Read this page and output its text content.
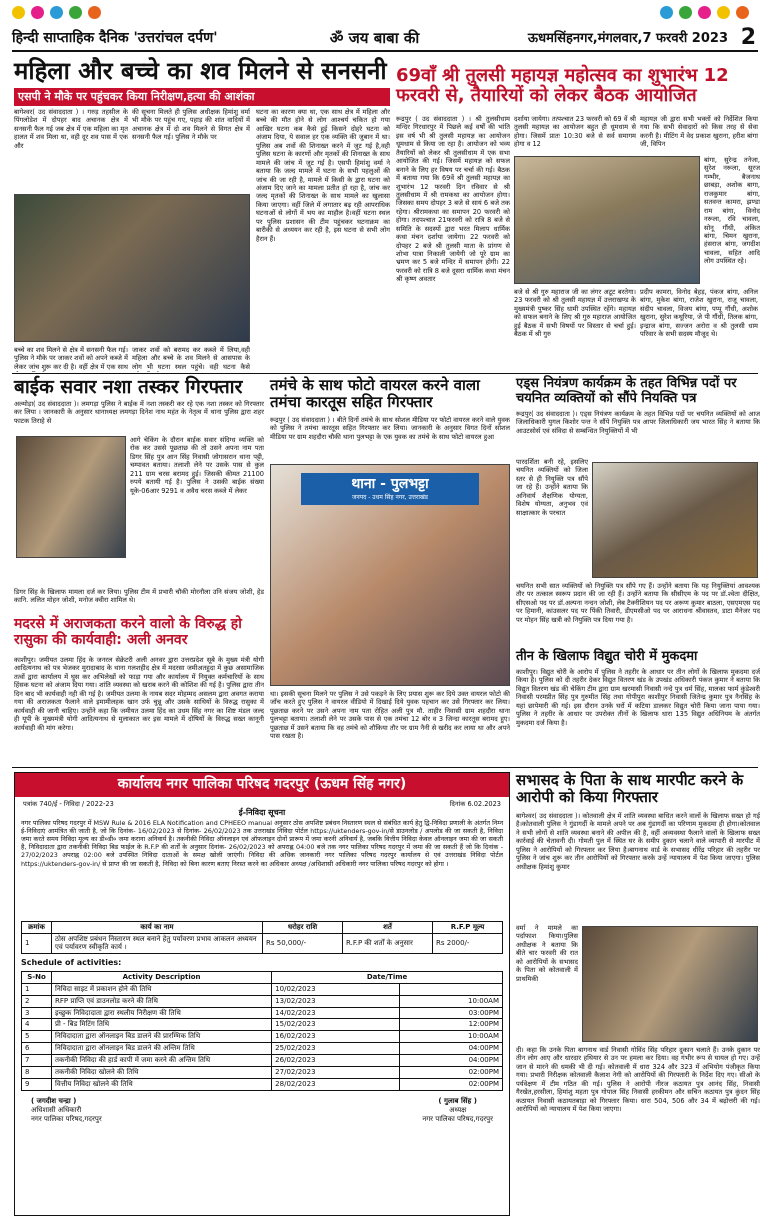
हिन्दी साप्ताहिक दैनिक 'उत्तरांचल दर्पण'	ॐ जय बाबा की	ऊधमसिंहनगर,मंगलवार,7 फरवरी 2023 2
महिला और बच्चे का शव मिलने से सनसनी
एसपी ने मौके पर पहुंचकर किया निरीक्षण,हत्या की आशंका
बागेश्वर( उद संवाददाता ) । गरुड़ तहसील के पिंगलोडेश में दोपहर बाद अचानक क्षेत्र में सनसनी फैल गई जब क्षेत्र में एक महिला का मृत हालत में शव मिला था, वही दूर शव पास में एक और
की सूचना मिलते ही पुलिस अधीक्षक हिमांशु वर्मा भी मौके पर पहुंच गए, पहाड़ की शांत वादियों में अचानक क्षेत्र में दो शव मिलने से विगत क्षेत्र में सनसनी फैल गई। पुलिस ने मौके पर
घटना का कारण क्या था, एक साथ क्षेत्र में महिला और बच्चे की मौत होने से लोग आश्चर्य चकित हो गया आखिर घटना कब कैसे हुई किसने दोहरे घटना को अंजाम दिया, ये सवाल हर एक व्यक्ति की जुबान में था। पुलिस अब शवों की शिनाख्त करने में जुट गई है,वही पुलिस घटना के कारणों और मृतकों की शिनाख्त के साथ मामले की जांच में जुट गई है। एसपी हिमांशु वर्मा ने बताया कि जल्द मामले में घटना के सभी पहलुओं की जांच की जा रही है, मामले में किसी के द्वारा घटना को अंजाम दिए जाने का मामला प्रतीत हो रहा है, जांच कर जल्द मृतकों की शिनाख्त के साथ मामले का खुलासा किया जाएगा। वहीं जिले में लगातार बढ़ रही आपराधिक घटनाओं से लोगों में भय का माहौल है।वहीं घटना स्थल पर पुलिस प्रशासन की टीम पहुंचकर घटनाक्रम का बारीकी से अध्ययन कर रही है, इस घटना से सभी लोग हैरान हैं।
बच्चे का शव मिलने से क्षेत्र में सनसनी फैल गई। पुलिस ने मौके पर जाकर शवों को अपने कब्जे में लेकर जांच शुरू कर दी है। वहीं क्षेत्र में एक साथ
जाकर शवों को बरामद कर कब्जे में लिया,वही महिला और बच्चे के शव मिलने से आसपास के लोग भी घटना स्थल पहुंचे। वही घटना कैसे
69वाँ श्री तुलसी महायज्ञ महोत्सव का शुभारंभ 12 फरवरी से, तैयारियों को लेकर बैठक आयोजित
रूद्रपुर ( उद संवाददाता ) । श्री तुलसीधाम मन्दिर गिरधारपुर में पिछले कई वर्षों की भांति इस वर्ष भी श्री तुलसी महायज्ञ का आयोजन धूमधाम से किया जा रहा है। आयोजन को भव्य तैयारियों को लेकर श्री तुलसीधाम में एक सभा आयोजित की गई। जिसमें महायज्ञ को सफल बनाने के लिए हर विषय पर चर्चा की गई। बैठक में बताया गया कि 69वें श्री तुलसी महायज्ञ का शुभारंभ 12 फरवरी दिन रविवार से श्री तुलसीधाम में श्री रामकथा का आयोजन होगा। जिसका समय दोपहर 3 बजे से सायं 6 बजे तक रहेगा। श्रीरामकथा का समापन 20 फरवरी को होगा। तदपश्चात 21फरवरी को रात्रि 8 बजे से समिति के सदस्यों द्वारा भरत मिलाप धार्मिक कथा मंचन दर्शाया जायेगा। 22 फरवरी को दोपहर 2 बजे श्री तुलसी माता के प्रांगण से शोभा यात्रा निकाली जायेगी जो पूरे ग्राम का भ्रमण कर 5 बजे मन्दिर में समापन होगी। 22 फरवरी को रात्रि 8 बजे दूसरा धार्मिक कथा मंचन श्री कृष्ण अवतार
दर्शाया जायेगा। तत्पश्चात 23 फरवरी को 69 वें श्री तुलसी महायज्ञ का आयोजन बहुत ही धूमधाम से होगा। जिसमें प्रातः 10:30 बजे से सर्व समागम होगा व 12
महायज्ञ जी द्वारा सभी भक्तों को निर्देशित किया गया कि सभी सेवादारों को किस तरह से सेवा करनी है। मीटिंग में वेद प्रकाश खुराना, हरीश बांगा जी, विपिन
बांगा, सुरेन्द्र तनेजा, सुरेश नरूला, सूरज गम्भीर, बैजनाथ छाबड़ा, अशोक बागा, राजकुमार बांगा, सतवन्त कामरा, झण्डा राम बांगा, विनोद नरूला, रवि चावला, सोनू गौंधी, अंकित बांगा, चिमन खुराना, हंसराज बांगा, जगदीश चावला, सहित आदि लोग उपस्थित रहे।
बजे से श्री गुरु महाराज जी का लंगर अटूट बरतेगा। 23 फरवरी को श्री तुलसी महायज्ञ में उत्तराखण्ड के मुख्यमंत्री पुष्कर सिंह धामी उपस्थित रहेंगे। महायज्ञ को सफल बनाने के लिए श्री गुरु महाराज आयोजित हुई बैठक में सभी विषयों पर विस्तार से चर्चा हुई। बैठक में श्री गुरु
प्रदीप कामरा, विनोद बेहड़, पंकज बांगा, अनिल बांगा, मुकेश बांगा, राजेश खुराना, राजू चावला, संदीप चावला, विजय बांगा, पप्पू गौंधी, अशोक खुराना, सुरेश कथूरिया, जे पी गौंधी, तिलक बांगा, इन्द्राज बांगा, सज्जन अरोरा व श्री तुलसी धाम परिवार के सभी सदस्य मौजूद थे।
बाईक सवार नशा तस्कर गिरफ्तार
अल्मोड़ा( उद संवाददाता )। लमगड़ा पुलिस ने बाईक में नशा तस्करी कर रहे एक नशा तस्कर को गिरफ्तार कर लिया । जानकारी के अनुसार थानाध्यक्ष लमगड़ा दिनेश नाथ महंत के नेतृत्व में थाना पुलिस द्वारा शहर फाटक तिराहे से
आगे चेकिंग के दौरान बाईक सवार संदिग्ध व्यक्ति को रोक कर उससे पूछताछ की तो उसने अपना नाम पता डिगर सिंह पुत्र आन सिंह निवासी जोगासरान थाना पट्टी, चम्पावत बताया। तलाशी लेने पर उसके पास से कुल 211 ग्राम चरस बरामद हुई। जिसकी कीमत 21100 रुपये बतायी गई है। पुलिस ने उसकी बाईक संख्या यूके-06आर 9291 व अवैध चरस कब्जे में लेकर
डिगर सिंह के खिलाफ मामला दर्ज कर लिया। पुलिस टीम में प्रभारी चौकी मोरनौला उनि संजय जोशी, हेड कानि. ललित मोहन जोशी, मनोज क्वीरा शामिल थे।
मदरसे में अराजकता करने वालो के विरुद्ध हो रासुका की कार्यवाही: अली अनवर
काशीपुर। जमीयत उलमा हिंद के जनरल सेक्रेटरी अली अनवर द्वारा उत्तरप्रदेश सूबे के मुख्य मंत्री योगी आदित्यनाथ को पत्र भेजकर मुरादाबाद के थाना गलशहीद क्षेत्र में मदरसा जमीअतहुदा में कुछ असामाजिक तत्वों द्वारा कार्यालय में घुस कर अभिलेखों को फाड़ा गया और कार्यालय में नियुक्त कर्मचारियों के साथ हिंसक घटना को अंजाम दिया गया। शांति व्यवस्था को खराब करने की कोशिश की गई है। पुलिस द्वारा तीन दिन बाद भी कार्यवाही नही की गई है। जमीयत उलमा के नायब सदर मोहम्मद असलम द्वारा अवगत कराया गया की अराजकता फैलाने वाले इमामीलहक खान उर्फ चुन्नू और उसके साथियों के विरुद्ध रासुका में कार्यवाही की जानी चाहिए। उन्होंने कहा कि जमीयत उलमा हिंद का उधम सिंह नगर का शिष्ट मंडल जल्द ही यूपी के मुख्यमंत्री योगी आदित्यनाथ से मुलाकात कर इस मामले में दोषियों के विरुद्ध सख्त कानूनी कार्यवाही की मांग करेगा।
तमंचे के साथ फोटो वायरल करने वाला तमंचा कारतूस सहित गिरफ्तार
रूद्रपुर ( उद संवाददाता ) । बीते दिनों तमंचे के साथ सोशल मीडिया पर फोटो वायरल करने वाले युवक को पुलिस ने तमंचा कारतूस सहित गिरफ्तार कर लिया। जानकारी के अनुसार विगत दिनों सोशल मीडिया पर ग्राम शहदौरा चौकी थाना पुलभट्टा के एक युवक का तमंचे के साथ फोटो वायरल हुआ
थाना - पुलभट्टा
जनपद - उधम सिंह नगर, उत्तराखंड
था। इसकी सूचना मिलने पर पुलिस ने उसे पकड़ने के लिए प्रयास शुरू कर दिये उक्त वायरल फोटो की जाँच करते हुए पुलिस ने वायरल वीडियो में दिखाई दिये युवक पहचान कर उसे गिरफ्तार कर लिया। पूछताछ करने पर उसने अपना नाम पता रोहित अली पुत्र मौ. ताहीर निवासी ग्राम शहदौरा थाना पुलभट्टा बताया। तलाशी लेने पर उसके पास से एक तमंचा 12 बोर व 3 जिन्दा कारतूस बरामद हुए। पूछताछ में उसने बताया कि वह तमंचे को शौकिया तौर पर ग्राम नैनी से खरीद कर लाया था और अपने पास रखता है।
एड्स नियंत्रण कार्यक्रम के तहत विभिन्न पदों पर चयनित व्यक्तियों को सौंपे नियक्ति पत्र
रूद्रपुर( उद संवाददाता )। एड्स नियंत्रण कार्यक्रम के तहत विभिन्न पदों पर चयनित व्यक्तियों को आज जिलाधिकारी युगल किशोर पन्त ने सौंपे नियुक्ति पत्र आपर जिलाधिकारी जय भारत सिंह ने बताया कि आउटसोर्स एवं संविदा से सम्बन्धित नियुक्तियों में भी
पारदर्शिता बनी रहे, इसलिए चयनित व्यक्तियों को जिला स्तर से ही नियुक्ति पत्र सौंपे जा रहे हैं। उन्होंने बताया कि अनिवार्य शैक्षणिक योग्यता, विशेष योग्यता, अनुभव एवं साक्षात्कार के परचात
चयनित सभी सात व्यक्तियों को नियुक्ति पत्र सौंपे गए हैं। उन्होंने बताया कि यह नियुक्तियां आवश्यक तौर पर तत्काल स्वरूप प्रदान की जा रही हैं। उन्होंने बताया कि सीसीएम के पद पर डॉ.श्वेता दीक्षित, सीएसओ पद पर डॉ.अल्पना नन्दन जोशी, लेब टैक्नीशियन पद पर अरूण कुमार बाठला, एसएमएस पद पर हिमानी, कांउसलर पद पर पिंकी तिवारी, डीएमसीओ पद पर आराधना श्रीवास्तव, डाटा मैनेजर पद पर मोहन सिंह खत्री को नियुक्ति पत्र दिया गया है।
तीन के खिलाफ विद्युत चोरी में मुकदमा
काशीपुर। विद्युत चोरी के आरोप में पुलिस ने तहरीर के आधार पर तीन लोगों के खिलाफ मुकदमा दर्ज किया है। पुलिस को दी तहरीर देकर विद्युत वितरण खंड के उपखंड अधिकारी पंकज कुमार ने बताया कि विद्युत वितरण खंड की चेकिंग टीम द्वारा ग्राम खरमासी निवासी नन्दे पुत्र धर्म सिंह, मालका फार्म कुंडेश्वरी निवासी परमप्रीत सिंह पुत्र गुरुमीत सिंह तथा गोपीपुरा काशीपुर निवासी जितेन्द्र कुमार पुत्र नैनसिंह के यहां छापेमारी की गई। इस दौरान उनके घरों में कटिया डालकर विद्युत चोरी किया जाना पाया गया। पुलिस ने तहरीर के आधार पर उपरोक्त तीनों के खिलाफ धारा 135 विद्युत अधिनियम के अंतर्गत मुकदमा दर्ज किया है।
कार्यालय नगर पालिका परिषद गदरपुर (ऊधम सिंह नगर)
पत्रांक 740/ई - निविदा / 2022-23	दिनांक 6.02.2023
ई-निविदा सूचना
नगर पालिका परिषद गदरपुर में MSW Rule & 2016 ELA Notification and CPHEEO manual अनुसार ठोस अपशिष्ट प्रबंधन निस्तारण स्थल से संबंधित कार्य हेतु द्वि-निविदा प्रणाली के अंतर्गत निम्न ई-निविदाएं आमंत्रित की जाती है, जो कि दिनांक- 16/02/2023 से दिनांक- 26/02/2023 तक उत्तराखंड निविदा पोर्टल https://uktenders-gov-in/से डाउनलोड / अपलोड की जा सकती है, निविदा जमा करते समय निविदा मूल्य का डी०डी० जमा कराना अनिवार्य है। तकनीकी निविदा ऑनलाइन एवं ऑफलाइन दोनों प्रारूप में जमा करनी अनिवार्य है, जबकि वित्तीय निविदा केवल ऑनलाइन जमा की जा सकती है, निविदादाता द्वारा तकनीकी निविदा बिड फाईल के R.F.P की शर्तों के अनुसार दिनांक- 26/02/2023 को अपराह्न 04:00 बजे तक नगर पालिका परिषद गदरपुर में जमा की जा सकती हैं जो कि दिनांक - 27/02/2023 अपराह्न 02:00 बजे उपस्थित निविदा दाताओं के समक्ष खोली जाएंगी। निविदा की अधिक जानकारी नगर पालिका परिषद गदरपुर कार्यालय से एवं उत्तराखंड निविदा पोर्टल https://uktenders-gov-in/ से प्राप्त की जा सकती है, निविदा को बिना कारण बताए निरस्त करने का अधिकार अध्यक्ष /अधिशासी अधिकारी नगर पालिका परिषद गदरपुर को होगा ।
क्रमांक	कार्य का नाम	धरोहर राशि	शर्ते	R.F.P मूल्य
1	ठोस अपशिष्ट प्रबंधन निस्तारण स्थल बनाने हेतु पर्यावरण प्रभाव आकलन अध्ययन एवं पर्यावरण स्वीकृति कार्य ।	Rs 50,000/-	R.F.P की शर्तों के अनुसार	Rs 2000/-
Schedule of activities:
S-No	Activity Description	Date/Time	
1	निविदा साइट में प्रकाशन होने की तिथि	10/02/2023	
2	RFP प्राप्ति एवं डाउनलोड करने की तिथि	13/02/2023	10:00AM
3	इच्छुक निविदादाता द्वारा स्थलीय निरीक्षण की तिथि	14/02/2023	03:00PM
4	प्री - बिड मिटिंग तिथि	15/02/2023	12:00PM
5	निविदादाता द्वारा ऑनलाइन बिड डालने की प्रारम्भिक तिथि	16/02/2023	10:00AM
6	निविदादाता द्वारा ऑनलाइन बिड डालने की अन्तिम तिथि	25/02/2023	04:00PM
7	तकनीकी निविदा की हार्ड कापी में जमा करने की अन्तिम तिथि	26/02/2023	04:00PM
8	तकनीकी निविदा खोलने की तिथि	27/02/2023	02:00PM
9	वित्तीय निविदा खोलने की तिथि	28/02/2023	02:00PM
( जगदीश चन्द्रा )
अधिशासी अधिकारी
नगर पालिका परिषद,गदरपुर
( गुलाब सिंह )
अध्यक्ष
नगर पालिका परिषद,गदरपुर
सभासद के पिता के साथ मारपीट करने के आरोपी को किया गिरफ्तार
बागेश्वर( उद संवाददाता )। कोतवाली क्षेत्र में शांति व्यवस्था बाधित करने वालों के खिलाफ सख्त हो गई है।कोतवाली पुलिस ने गुंडागर्दी के मामले अपने पर अब गुंडागर्दी का परिणाम मुकदमा ही होगा।कोतवाल ने सभी लोगों से शांति व्यवस्था बनाने की अपील की है, वहीं अव्यवस्था फैलाने वालों के खिलाफ सख्त कार्रवाई की चेतावनी दी। गोमती पुल में स्थित घर के समीप दुकान चलाने वाले व्यापारी से मारपीट में पुलिस ने आरोपियों को गिरफ्तार कर लिया है।बागनाथ वार्ड के सभासद धीरेंद्र परिहार की तहरीर पर पुलिस ने जांच शुरू कर तीन आरोपियों को गिरफ्तार करके उन्हें न्यायालय में पेश किया जाएगा। पुलिस अधीक्षक हिमांशु कुमार
वर्मा ने मामले का पर्दाफाश किया।पुलिस अधीक्षक ने बताया कि बीते चार फरवरी की रात को आरोपियों के सभासद के पिता को कोतवाली में प्राथमिकी
दी। कहा कि उनके पिता बागनाथ वार्ड निवासी गोविंद सिंह परिहार दुकान चलाते हैं। उनके दुकान पर तीन लोग आए और धारदार हथियार से उन पर हमला कर दिया। वह गंभीर रूप से घायल हो गए। उन्हें जान से मारने की धमकी भी दी गई। कोतवाली में धारा 324 और 323 में अभियोग पंजीकृत किया गया। प्रभारी निरीक्षक कोतवाली कैलाश नेगी को आरोपियों की गिरफ्तारी के निर्देश दिए गए। सीओ के पर्यवेक्षण में टीम गठित की गई। पुलिस ने आरोपी नीरज कठायत पुत्र आनंद सिंह, निवासी गैरखेत,हरसीला, हिमांशु महता पुत्र गोपाल सिंह निवासी हरकीमन और सचिन कठायत पुत्र कुंदन सिंह कठायत निवासी कठायतबाड़ा को गिरफ्तार किया। धारा 504, 506 और 34 में बढ़ोत्तरी की गई। आरोपियों को न्यायालय में पेश किया जाएगा।
